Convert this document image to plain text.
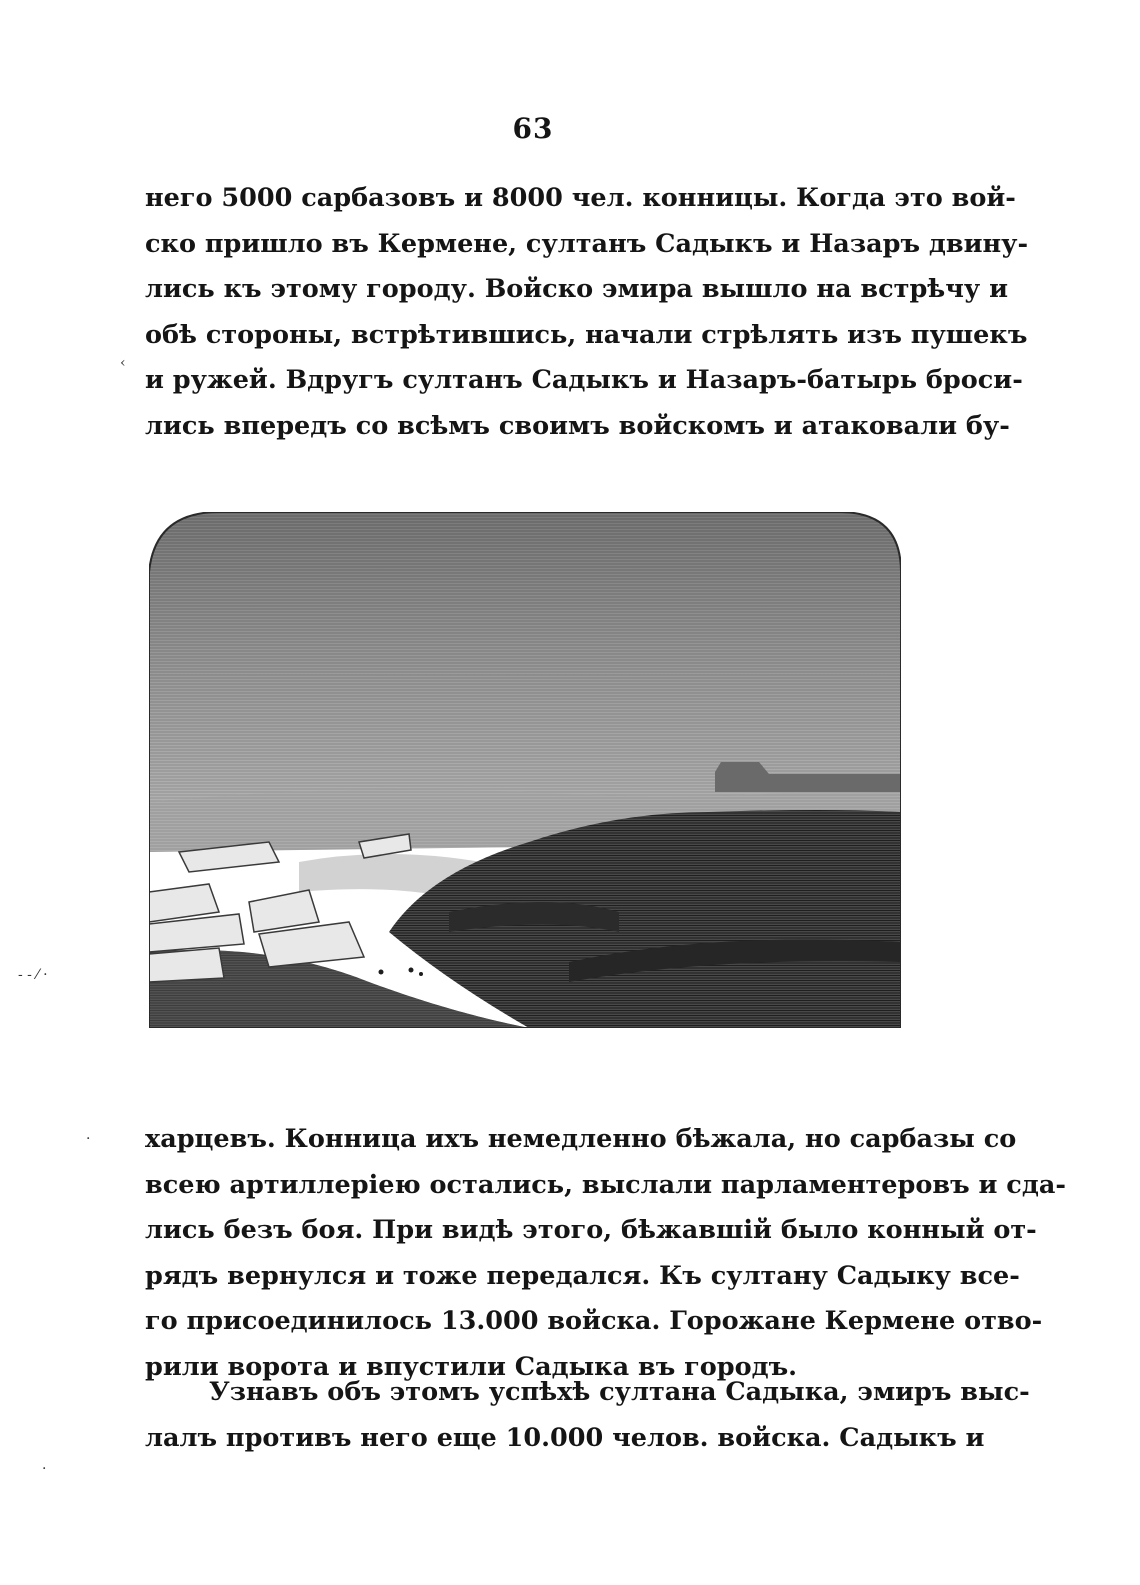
63
него 5000 сарбазовъ и 8000 чел. конницы. Когда это вой-
ско пришло въ Кермене, султанъ Садыкъ и Назаръ двину-
лись къ этому городу. Войско эмира вышло на встрѣчу и
обѣ стороны, встрѣтившись, начали стрѣлять изъ пушекъ
и ружей. Вдругъ султанъ Садыкъ и Назаръ-батырь броси-
лись впередъ со всѣмъ своимъ войскомъ и атаковали бу-
харцевъ. Конница ихъ немедленно бѣжала, но сарбазы со
всею артиллеріею остались, выслали парламентеровъ и сда-
лись безъ боя. При видѣ этого, бѣжавшій было конный от-
рядъ вернулся и тоже передался. Къ султану Садыку все-
го присоединилось 13.000 войска. Горожане Кермене отво-
рили ворота и впустили Садыка въ городъ.
Узнавъ объ этомъ успѣхѣ султана Садыка, эмиръ выс-
лалъ противъ него еще 10.000 челов. войска. Садыкъ и
‹
- - ⁄ ·
·
·
